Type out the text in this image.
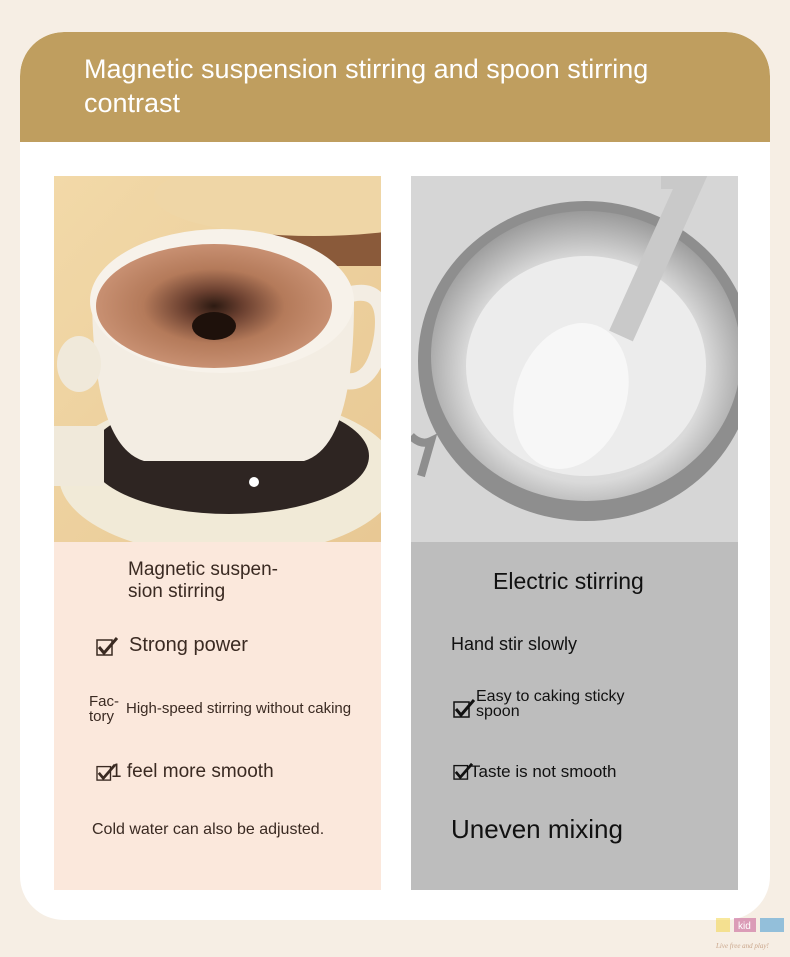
Magnetic suspension stirring and spoon stirring contrast
Magnetic suspen-
sion stirring
Strong power
Fac-
tory High-speed stirring without caking
1 feel more smooth
Cold water can also be adjusted.
Electric stirring
Hand stir slowly
Easy to caking sticky
spoon
Taste is not smooth
Uneven mixing
kid
Live free and play!
